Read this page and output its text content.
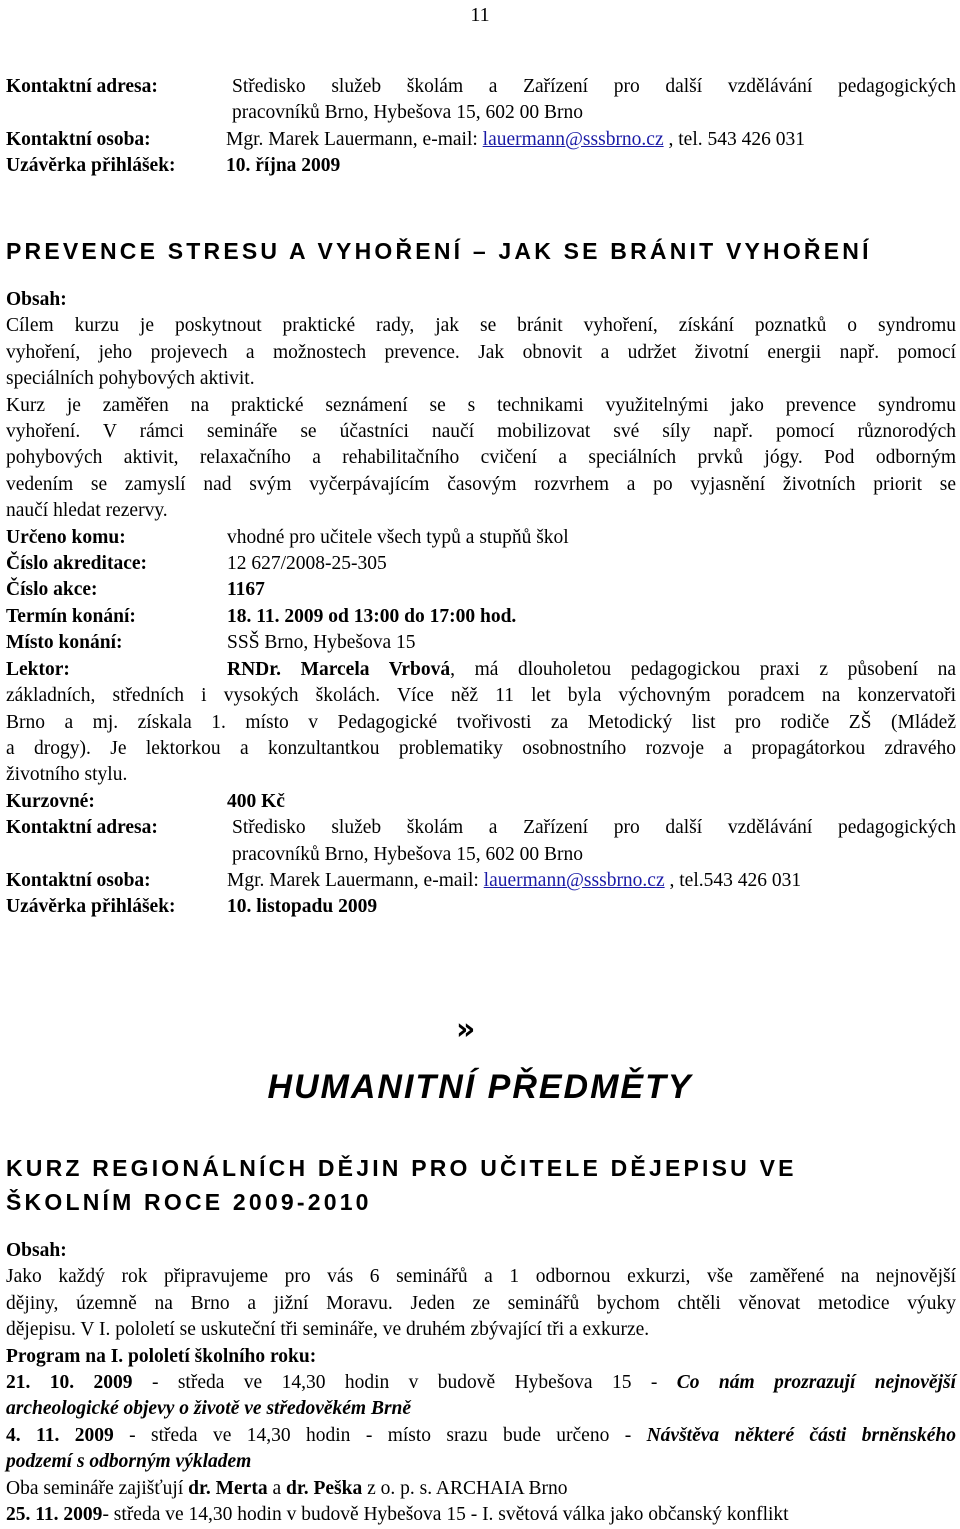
11
Kontaktní adresa:	Středisko služeb školám a Zařízení pro další vzdělávání pedagogických
pracovníků Brno, Hybešova 15, 602 00 Brno
Kontaktní osoba:	Mgr. Marek Lauermann, e-mail: lauermann@sssbrno.cz , tel. 543 426 031
Uzávěrka přihlášek:	10. října 2009
PREVENCE STRESU A VYHOŘENÍ – JAK SE BRÁNIT VYHOŘENÍ
Obsah:
Cílem kurzu je poskytnout praktické rady, jak se bránit vyhoření, získání poznatků o syndromu
vyhoření, jeho projevech a možnostech prevence. Jak obnovit a udržet životní energii např. pomocí
speciálních pohybových aktivit.
Kurz je zaměřen na praktické seznámení se s technikami využitelnými jako prevence syndromu
vyhoření. V rámci semináře se účastníci naučí mobilizovat své síly např. pomocí různorodých
pohybových aktivit, relaxačního a rehabilitačního cvičení a speciálních prvků jógy. Pod odborným
vedením se zamyslí nad svým vyčerpávajícím časovým rozvrhem a po vyjasnění životních priorit se
naučí hledat rezervy.
Určeno komu:	vhodné pro učitele všech typů a stupňů škol
Číslo akreditace:	12 627/2008-25-305
Číslo akce:	1167
Termín konání:	18. 11. 2009 od 13:00 do 17:00 hod.
Místo konání:	SSŠ Brno, Hybešova 15
Lektor:	RNDr. Marcela Vrbová, má dlouholetou pedagogickou praxi z působení na
základních, středních i vysokých školách. Více něž 11 let byla výchovným poradcem na konzervatoři
Brno a mj. získala 1. místo v Pedagogické tvořivosti za Metodický list pro rodiče ZŠ (Mládež
a drogy). Je lektorkou a konzultantkou problematiky osobnostního rozvoje a propagátorkou zdravého
životního stylu.
Kurzovné:	400 Kč
Kontaktní adresa:	Středisko služeb školám a Zařízení pro další vzdělávání pedagogických
pracovníků Brno, Hybešova 15, 602 00 Brno
Kontaktní osoba:	Mgr. Marek Lauermann, e-mail: lauermann@sssbrno.cz , tel.543 426 031
Uzávěrka přihlášek:	10. listopadu 2009
»
HUMANITNÍ PŘEDMĚTY
KURZ REGIONÁLNÍCH DĚJIN PRO UČITELE DĚJEPISU VE
ŠKOLNÍM ROCE 2009-2010
Obsah:
Jako každý rok připravujeme pro vás 6 seminářů a 1 odbornou exkurzi, vše zaměřené na nejnovější
dějiny, územně na Brno a jižní Moravu. Jeden ze seminářů bychom chtěli věnovat metodice výuky
dějepisu. V I. pololetí se uskuteční tři semináře, ve druhém zbývající tři a exkurze.
Program na I. pololetí školního roku:
21. 10. 2009 - středa ve 14,30 hodin v budově Hybešova 15 - Co nám prozrazují nejnovější
archeologické objevy o životě ve středověkém Brně
4. 11. 2009 - středa ve 14,30 hodin - místo srazu bude určeno - Návštěva některé části brněnského
podzemí s odborným výkladem
Oba semináře zajišťují dr. Merta a dr. Peška z o. p. s. ARCHAIA Brno
25. 11. 2009- středa ve 14,30 hodin v budově Hybešova 15 - I. světová válka jako občanský konflikt
